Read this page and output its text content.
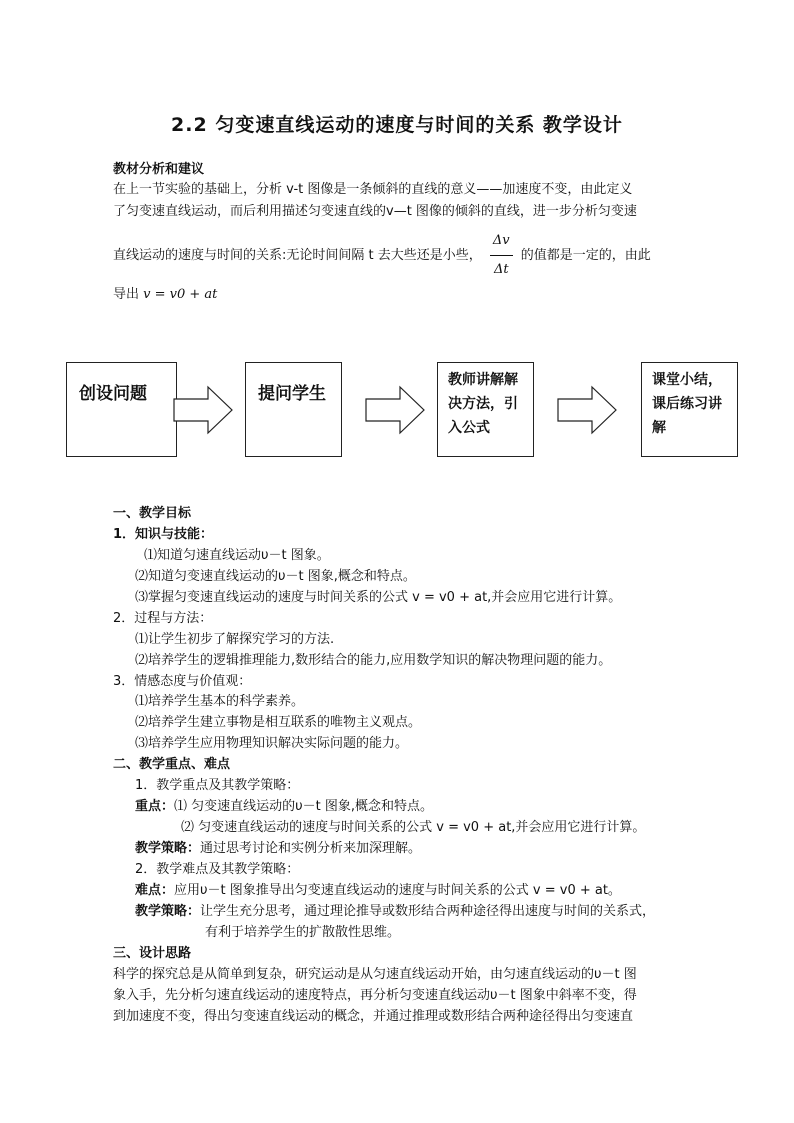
2.2 匀变速直线运动的速度与时间的关系 教学设计
教材分析和建议
在上一节实验的基础上，分析 v-t 图像是一条倾斜的直线的意义——加速度不变，由此定义
了匀变速直线运动，而后利用描述匀变速直线的v—t 图像的倾斜的直线，进一步分析匀变速
直线运动的速度与时间的关系:无论时间间隔 t 去大些还是小些， $\frac{\Delta v}{\Delta t}$ 的值都是一定的，由此
导出 v = v0 + at
创设问题	提问学生
教师讲解解决方法，引入公式
课堂小结，课后练习讲解
一、教学目标
1．知识与技能：
⑴知道匀速直线运动υ－t 图象。
⑵知道匀变速直线运动的υ－t 图象,概念和特点。
⑶掌握匀变速直线运动的速度与时间关系的公式 v = v0 + at,并会应用它进行计算。
2．过程与方法：
⑴让学生初步了解探究学习的方法.
⑵培养学生的逻辑推理能力,数形结合的能力,应用数学知识的解决物理问题的能力。
3．情感态度与价值观：
⑴培养学生基本的科学素养。
⑵培养学生建立事物是相互联系的唯物主义观点。
⑶培养学生应用物理知识解决实际问题的能力。
二、教学重点、难点
1．教学重点及其教学策略：
重点：⑴ 匀变速直线运动的υ－t 图象,概念和特点。
⑵ 匀变速直线运动的速度与时间关系的公式 v = v0 + at,并会应用它进行计算。
教学策略：通过思考讨论和实例分析来加深理解。
2．教学难点及其教学策略：
难点：应用υ－t 图象推导出匀变速直线运动的速度与时间关系的公式 v = v0 + at。
教学策略：让学生充分思考，通过理论推导或数形结合两种途径得出速度与时间的关系式，
有利于培养学生的扩散散性思维。
三、设计思路
科学的探究总是从简单到复杂，研究运动是从匀速直线运动开始，由匀速直线运动的υ－t 图
象入手，先分析匀速直线运动的速度特点，再分析匀变速直线运动υ－t 图象中斜率不变，得
到加速度不变，得出匀变速直线运动的概念，并通过推理或数形结合两种途径得出匀变速直
